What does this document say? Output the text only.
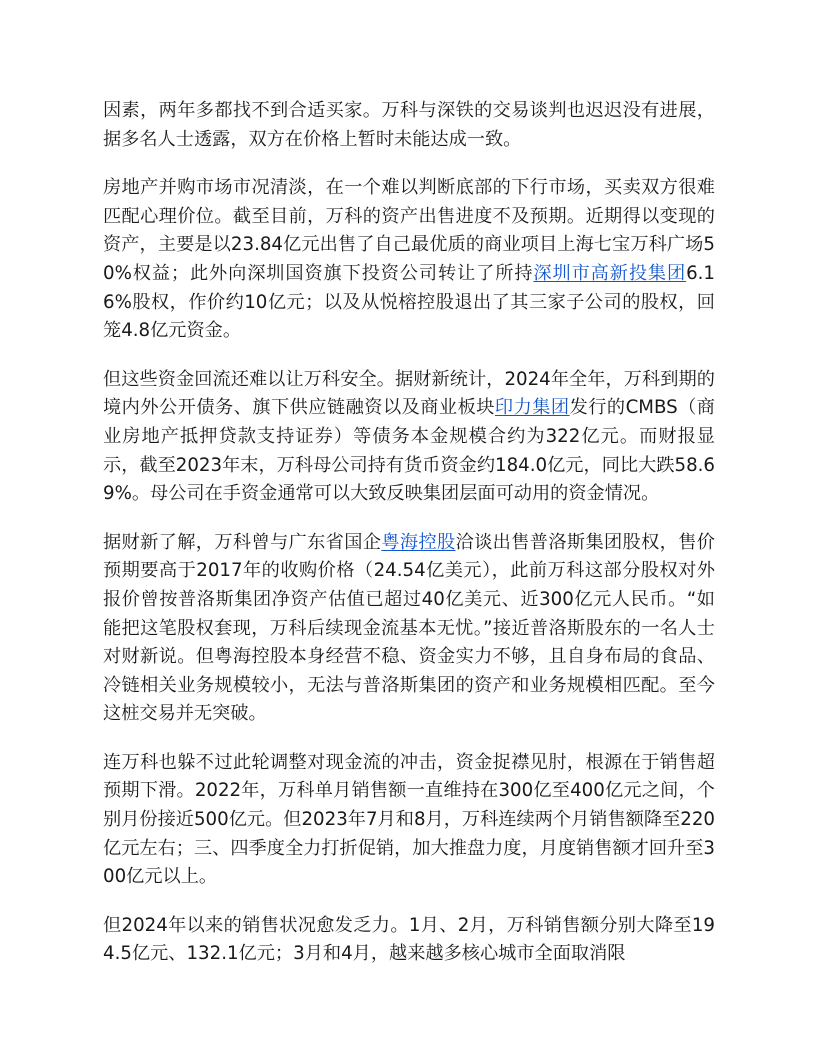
因素，两年多都找不到合适买家。万科与深铁的交易谈判也迟迟没有进展，据多名人士透露，双方在价格上暂时未能达成一致。

房地产并购市场市况清淡，在一个难以判断底部的下行市场，买卖双方很难匹配心理价位。截至目前，万科的资产出售进度不及预期。近期得以变现的资产，主要是以23.84亿元出售了自己最优质的商业项目上海七宝万科广场50%权益；此外向深圳国资旗下投资公司转让了所持深圳市高新投集团6.16%股权，作价约10亿元；以及从悦榕控股退出了其三家子公司的股权，回笼4.8亿元资金。

但这些资金回流还难以让万科安全。据财新统计，2024年全年，万科到期的境内外公开债务、旗下供应链融资以及商业板块印力集团发行的CMBS（商业房地产抵押贷款支持证券）等债务本金规模合约为322亿元。而财报显示，截至2023年末，万科母公司持有货币资金约184.0亿元，同比大跌58.69%。母公司在手资金通常可以大致反映集团层面可动用的资金情况。

据财新了解，万科曾与广东省国企粤海控股洽谈出售普洛斯集团股权，售价预期要高于2017年的收购价格（24.54亿美元），此前万科这部分股权对外报价曾按普洛斯集团净资产估值已超过40亿美元、近300亿元人民币。“如能把这笔股权套现，万科后续现金流基本无忧。”接近普洛斯股东的一名人士对财新说。但粤海控股本身经营不稳、资金实力不够，且自身布局的食品、冷链相关业务规模较小，无法与普洛斯集团的资产和业务规模相匹配。至今这桩交易并无突破。

连万科也躲不过此轮调整对现金流的冲击，资金捉襟见肘，根源在于销售超预期下滑。2022年，万科单月销售额一直维持在300亿至400亿元之间，个别月份接近500亿元。但2023年7月和8月，万科连续两个月销售额降至220亿元左右；三、四季度全力打折促销，加大推盘力度，月度销售额才回升至300亿元以上。

但2024年以来的销售状况愈发乏力。1月、2月，万科销售额分别大降至194.5亿元、132.1亿元；3月和4月，越来越多核心城市全面取消限
